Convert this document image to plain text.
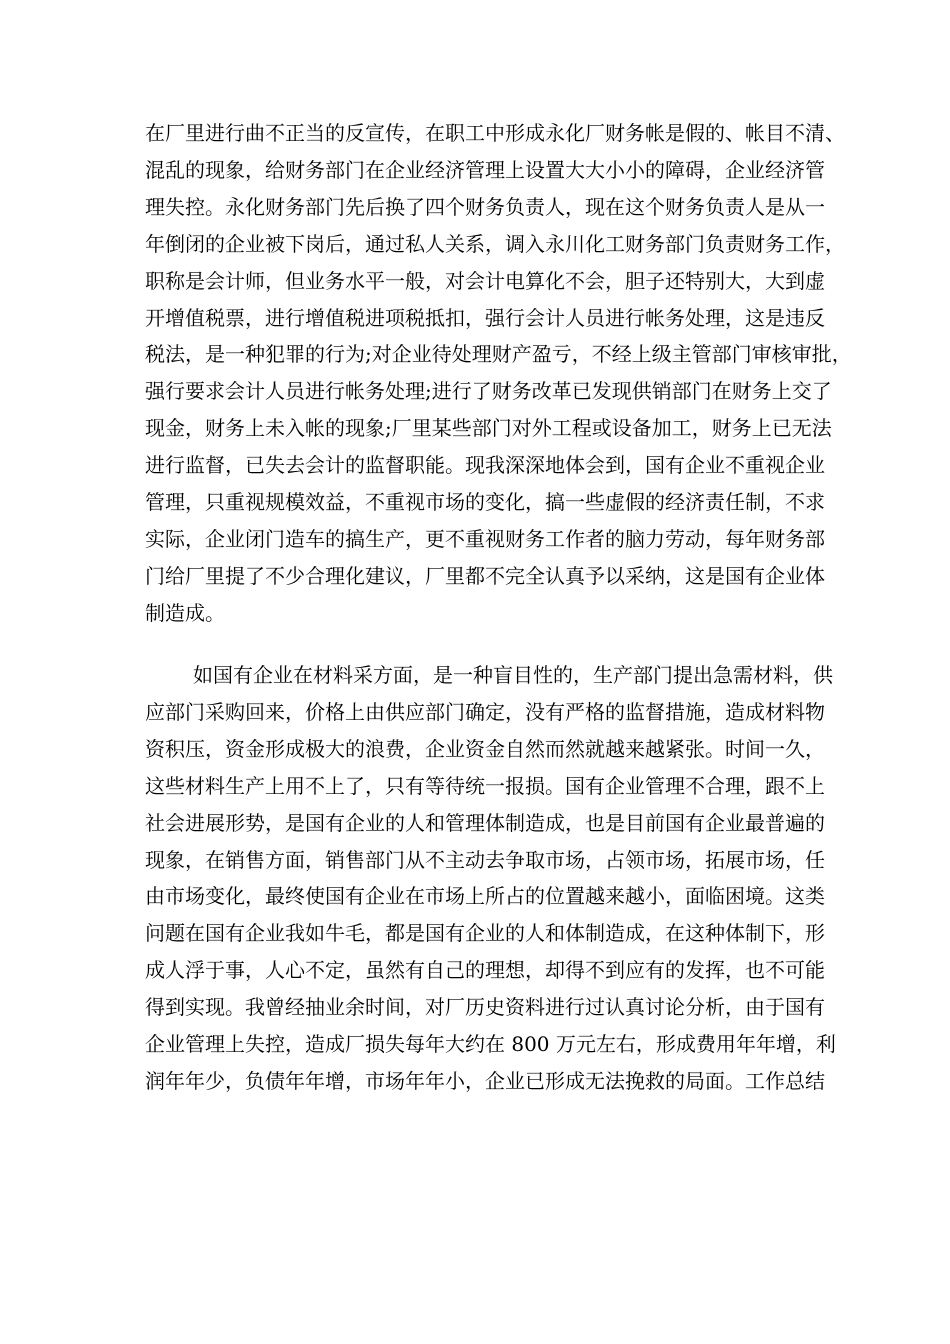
在厂里进行曲不正当的反宣传，在职工中形成永化厂财务帐是假的、帐目不清、
混乱的现象，给财务部门在企业经济管理上设置大大小小的障碍，企业经济管
理失控。永化财务部门先后换了四个财务负责人，现在这个财务负责人是从一
年倒闭的企业被下岗后，通过私人关系，调入永川化工财务部门负责财务工作，
职称是会计师，但业务水平一般，对会计电算化不会，胆子还特别大，大到虚
开增值税票，进行增值税进项税抵扣，强行会计人员进行帐务处理，这是违反
税法，是一种犯罪的行为;对企业待处理财产盈亏，不经上级主管部门审核审批，
强行要求会计人员进行帐务处理;进行了财务改革已发现供销部门在财务上交了
现金，财务上未入帐的现象;厂里某些部门对外工程或设备加工，财务上已无法
进行监督，已失去会计的监督职能。现我深深地体会到，国有企业不重视企业
管理，只重视规模效益，不重视市场的变化，搞一些虚假的经济责任制，不求
实际，企业闭门造车的搞生产，更不重视财务工作者的脑力劳动，每年财务部
门给厂里提了不少合理化建议，厂里都不完全认真予以采纳，这是国有企业体
制造成。
如国有企业在材料采方面，是一种盲目性的，生产部门提出急需材料，供
应部门采购回来，价格上由供应部门确定，没有严格的监督措施，造成材料物
资积压，资金形成极大的浪费，企业资金自然而然就越来越紧张。时间一久，
这些材料生产上用不上了，只有等待统一报损。国有企业管理不合理，跟不上
社会进展形势，是国有企业的人和管理体制造成，也是目前国有企业最普遍的
现象，在销售方面，销售部门从不主动去争取市场，占领市场，拓展市场，任
由市场变化，最终使国有企业在市场上所占的位置越来越小，面临困境。这类
问题在国有企业我如牛毛，都是国有企业的人和体制造成，在这种体制下，形
成人浮于事，人心不定，虽然有自己的理想，却得不到应有的发挥，也不可能
得到实现。我曾经抽业余时间，对厂历史资料进行过认真讨论分析，由于国有
企业管理上失控，造成厂损失每年大约在 800 万元左右，形成费用年年增，利
润年年少，负债年年增，市场年年小，企业已形成无法挽救的局面。工作总结
